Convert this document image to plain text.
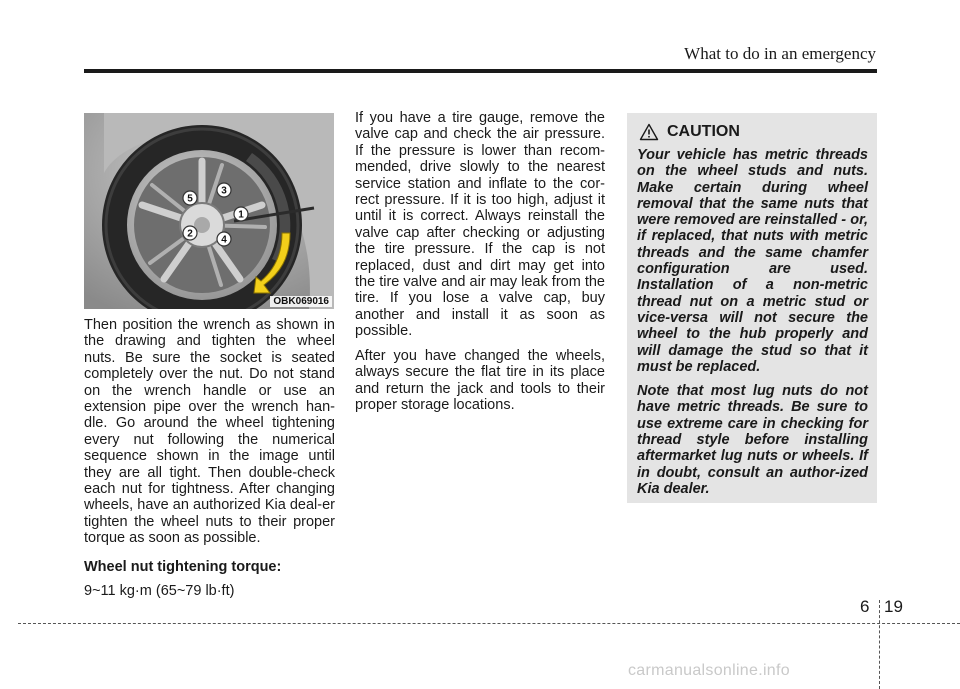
What to do in an emergency
1
2
3
4
5
OBK069016

Then position the wrench as shown in the drawing and tighten the wheel nuts. Be sure the socket is seated completely over the nut. Do not stand on the wrench handle or use an extension pipe over the wrench han-dle. Go around the wheel tightening every nut following the numerical sequence shown in the image until they are all tight. Then double-check each nut for tightness. After changing wheels, have an authorized Kia deal-er tighten the wheel nuts to their proper torque as soon as possible.

Wheel nut tightening torque:

9~11 kg·m (65~79 lb·ft)

If you have a tire gauge, remove the valve cap and check the air pressure. If the pressure is lower than recom-mended, drive slowly to the nearest service station and inflate to the cor-rect pressure. If it is too high, adjust it until it is correct. Always reinstall the valve cap after checking or adjusting the tire pressure. If the cap is not replaced, dust and dirt may get into the tire valve and air may leak from the tire. If you lose a valve cap, buy another and install it as soon as possible.

After you have changed the wheels, always secure the flat tire in its place and return the jack and tools to their proper storage locations.

CAUTION

Your vehicle has metric threads on the wheel studs and nuts. Make certain during wheel removal that the same nuts that were removed are reinstalled - or, if replaced, that nuts with metric threads and the same chamfer configuration are used. Installation of a non-metric thread nut on a metric stud or vice-versa will not secure the wheel to the hub properly and will damage the stud so that it must be replaced.

Note that most lug nuts do not have metric threads. Be sure to use extreme care in checking for thread style before installing aftermarket lug nuts or wheels. If in doubt, consult an author-ized Kia dealer.

6 19
carmanualsonline.info
